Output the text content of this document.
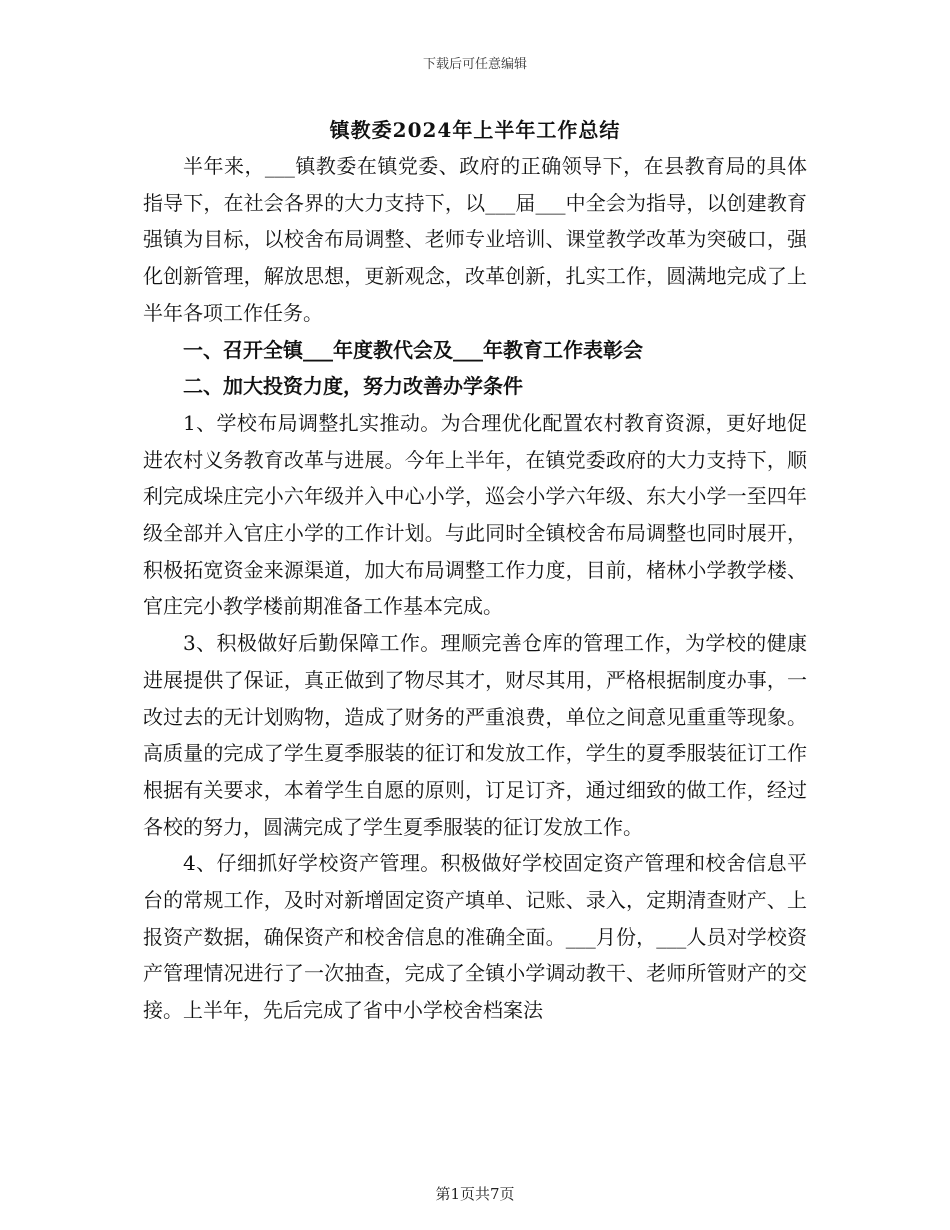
下载后可任意编辑
镇教委2024年上半年工作总结

半年来，___镇教委在镇党委、政府的正确领导下，在县教育局的具体指导下，在社会各界的大力支持下，以___届___中全会为指导，以创建教育强镇为目标，以校舍布局调整、老师专业培训、课堂教学改革为突破口，强化创新管理，解放思想，更新观念，改革创新，扎实工作，圆满地完成了上半年各项工作任务。

一、召开全镇___年度教代会及___年教育工作表彰会

二、加大投资力度，努力改善办学条件

1、学校布局调整扎实推动。为合理优化配置农村教育资源，更好地促进农村义务教育改革与进展。今年上半年，在镇党委政府的大力支持下，顺利完成垛庄完小六年级并入中心小学，巡会小学六年级、东大小学一至四年级全部并入官庄小学的工作计划。与此同时全镇校舍布局调整也同时展开，积极拓宽资金来源渠道，加大布局调整工作力度，目前，楮林小学教学楼、官庄完小教学楼前期准备工作基本完成。

3、积极做好后勤保障工作。理顺完善仓库的管理工作，为学校的健康进展提供了保证，真正做到了物尽其才，财尽其用，严格根据制度办事，一改过去的无计划购物，造成了财务的严重浪费，单位之间意见重重等现象。高质量的完成了学生夏季服装的征订和发放工作，学生的夏季服装征订工作根据有关要求，本着学生自愿的原则，订足订齐，通过细致的做工作，经过各校的努力，圆满完成了学生夏季服装的征订发放工作。

4、仔细抓好学校资产管理。积极做好学校固定资产管理和校舍信息平台的常规工作，及时对新增固定资产填单、记账、录入，定期清查财产、上报资产数据，确保资产和校舍信息的准确全面。___月份，___人员对学校资产管理情况进行了一次抽查，完成了全镇小学调动教干、老师所管财产的交接。上半年，先后完成了省中小学校舍档案法

第1页共7页
